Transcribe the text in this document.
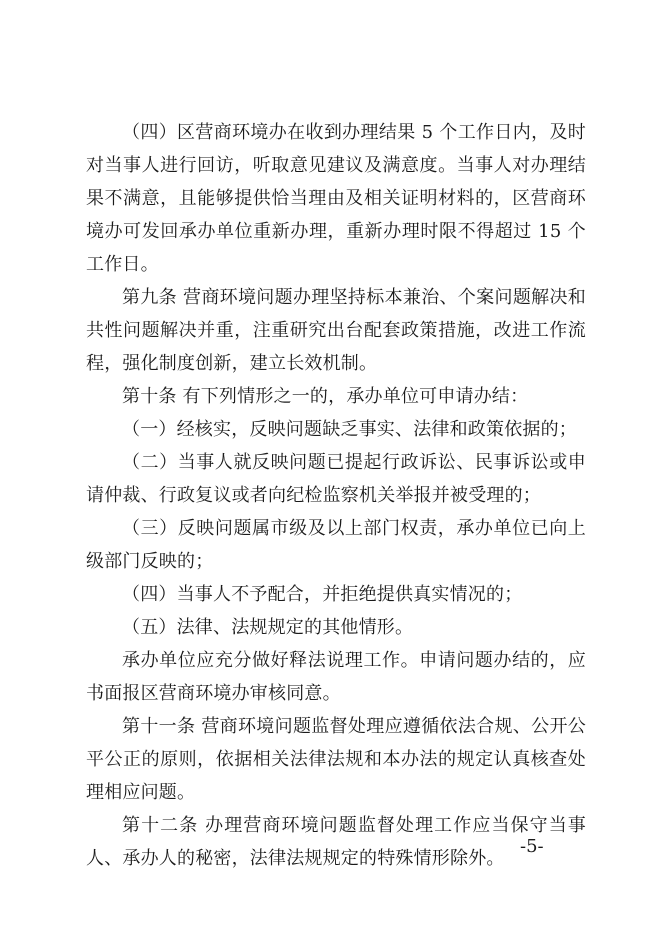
（四）区营商环境办在收到办理结果 5 个工作日内，及时对当事人进行回访，听取意见建议及满意度。当事人对办理结果不满意，且能够提供恰当理由及相关证明材料的，区营商环境办可发回承办单位重新办理，重新办理时限不得超过 15 个工作日。

第九条 营商环境问题办理坚持标本兼治、个案问题解决和共性问题解决并重，注重研究出台配套政策措施，改进工作流程，强化制度创新，建立长效机制。

第十条 有下列情形之一的，承办单位可申请办结：

（一）经核实，反映问题缺乏事实、法律和政策依据的；

（二）当事人就反映问题已提起行政诉讼、民事诉讼或申请仲裁、行政复议或者向纪检监察机关举报并被受理的；

（三）反映问题属市级及以上部门权责，承办单位已向上级部门反映的；

（四）当事人不予配合，并拒绝提供真实情况的；

（五）法律、法规规定的其他情形。

承办单位应充分做好释法说理工作。申请问题办结的，应书面报区营商环境办审核同意。

第十一条 营商环境问题监督处理应遵循依法合规、公开公平公正的原则，依据相关法律法规和本办法的规定认真核查处理相应问题。

第十二条 办理营商环境问题监督处理工作应当保守当事人、承办人的秘密，法律法规规定的特殊情形除外。

-5-
